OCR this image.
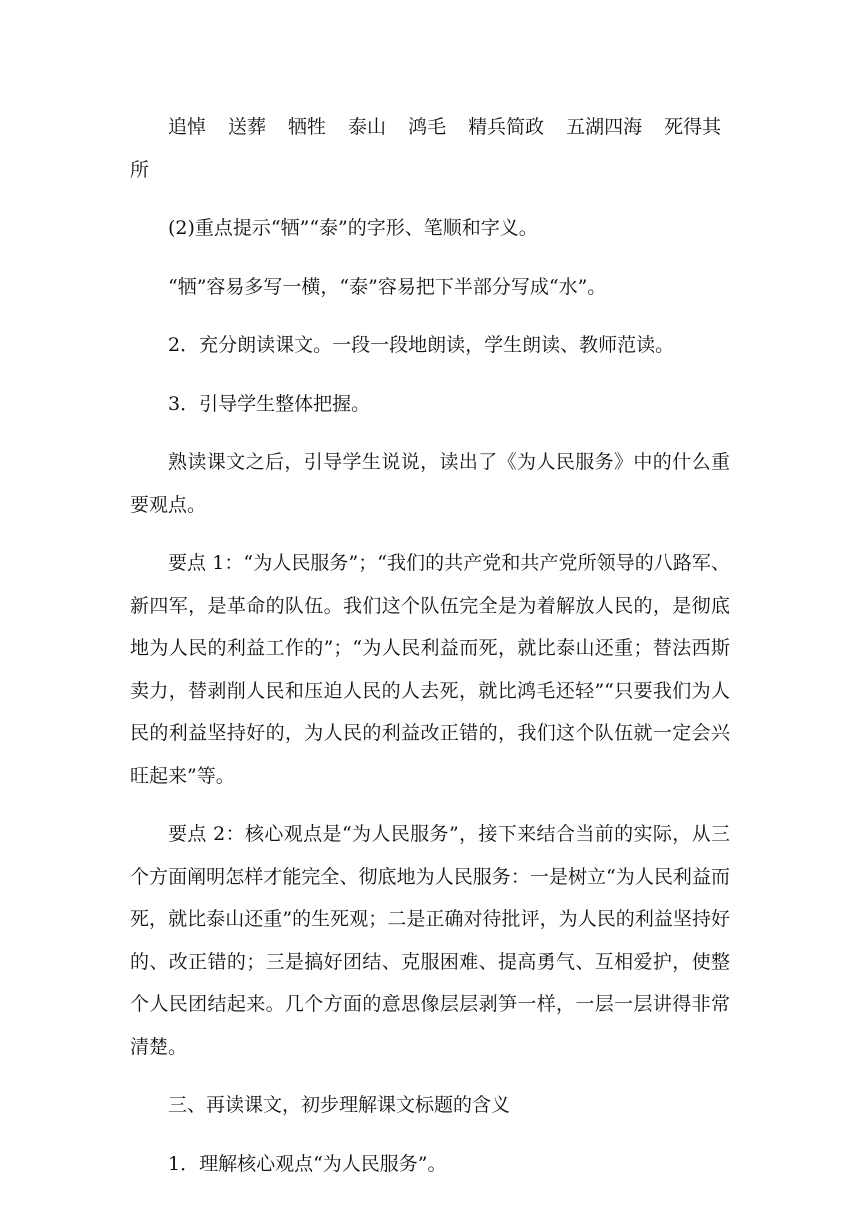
追悼 送葬 牺牲 泰山 鸿毛 精兵简政 五湖四海 死得其所

(2)重点提示“牺”“泰”的字形、笔顺和字义。

“牺”容易多写一横，“泰”容易把下半部分写成“水”。

2．充分朗读课文。一段一段地朗读，学生朗读、教师范读。

3．引导学生整体把握。

熟读课文之后，引导学生说说，读出了《为人民服务》中的什么重要观点。

要点 1：“为人民服务”；“我们的共产党和共产党所领导的八路军、新四军，是革命的队伍。我们这个队伍完全是为着解放人民的，是彻底地为人民的利益工作的”；“为人民利益而死，就比泰山还重；替法西斯卖力，替剥削人民和压迫人民的人去死，就比鸿毛还轻”“只要我们为人民的利益坚持好的，为人民的利益改正错的，我们这个队伍就一定会兴旺起来”等。

要点 2：核心观点是“为人民服务”，接下来结合当前的实际，从三个方面阐明怎样才能完全、彻底地为人民服务：一是树立“为人民利益而死，就比泰山还重”的生死观；二是正确对待批评，为人民的利益坚持好的、改正错的；三是搞好团结、克服困难、提高勇气、互相爱护，使整个人民团结起来。几个方面的意思像层层剥笋一样，一层一层讲得非常清楚。

三、再读课文，初步理解课文标题的含义

1．理解核心观点“为人民服务”。
